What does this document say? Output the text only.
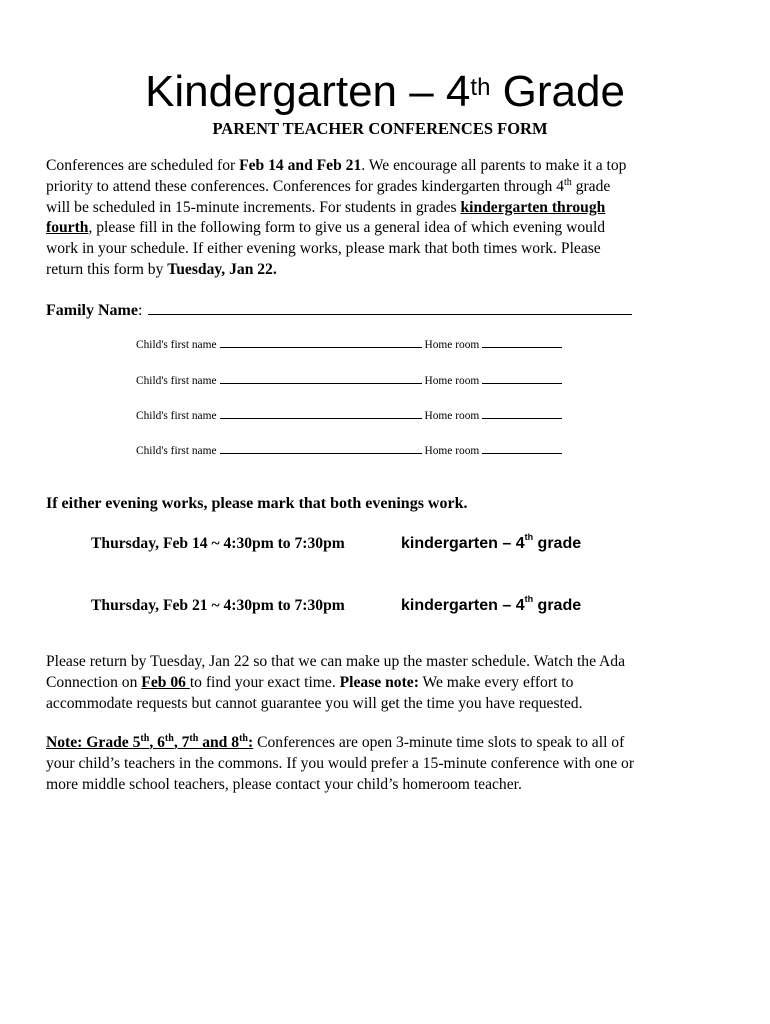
Kindergarten – 4th Grade
PARENT TEACHER CONFERENCES FORM
Conferences are scheduled for Feb 14 and Feb 21. We encourage all parents to make it a top
priority to attend these conferences. Conferences for grades kindergarten through 4th grade
will be scheduled in 15-minute increments. For students in grades kindergarten through
fourth, please fill in the following form to give us a general idea of which evening would
work in your schedule. If either evening works, please mark that both times work. Please
return this form by Tuesday, Jan 22.
Family Name:
Child's first name	Home room
Child's first name	Home room
Child's first name	Home room
Child's first name	Home room
If either evening works, please mark that both evenings work.
Thursday, Feb 14 ~ 4:30pm to 7:30pm	kindergarten – 4th grade
Thursday, Feb 21 ~ 4:30pm to 7:30pm	kindergarten – 4th grade
Please return by Tuesday, Jan 22 so that we can make up the master schedule. Watch the Ada
Connection on Feb 06 to find your exact time. Please note: We make every effort to
accommodate requests but cannot guarantee you will get the time you have requested.
Note: Grade 5th, 6th, 7th and 8th: Conferences are open 3-minute time slots to speak to all of
your child’s teachers in the commons. If you would prefer a 15-minute conference with one or
more middle school teachers, please contact your child’s homeroom teacher.
